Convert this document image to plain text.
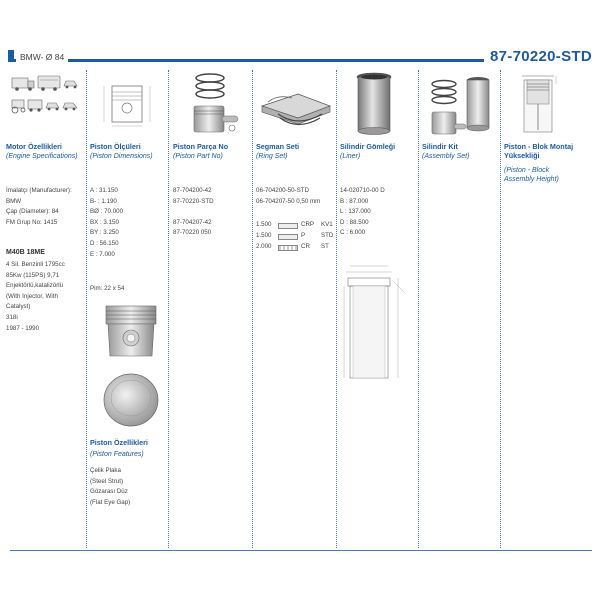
BMW- Ø 84	87-70220-STD
Motor Özellikleri
(Engine Specifications)
İmalatçı (Manufacturer):
BMW
Çap (Diameter): 84
FM Grup No: 1415
M40B 18ME
4 Sil. Benzinli 1795cc
85Kw (115PS) 9,71
Enjektörlü,katalizörlü
(With Injector, With
Catalyst)
318i
1987 - 1990
Piston Ölçüleri
(Piston Dimensions)
A : 31.150
B- : 1.190
BØ : 70.000
BX : 3.150
BY : 3.250
D : 56.150
E : 7.000
Pim: 22 x 54
Piston Özellikleri
(Piston Features)
Çelik Plaka
(Steel Strut)
Gözarası Düz
(Flat Eye Gap)
Piston Parça No
(Piston Part No)
87-704200-42
87-70220-STD
87-704207-42
87-70220 050
Segman Seti
(Ring Set)
06-704200-50-STD
06-704207-50 0,50 mm
1.500	CRP KV1
1.500	P	STD
2.000	CR ST
Silindir Gömleği
(Liner)
14-020710-00 D
B : 87.000
L : 137.000
D : 88.500
C : 6.000
Silindir Kit
(Assembly Set)
Piston - Blok Montaj
Yüksekliği
(Piston - Block
Assembly Height)
